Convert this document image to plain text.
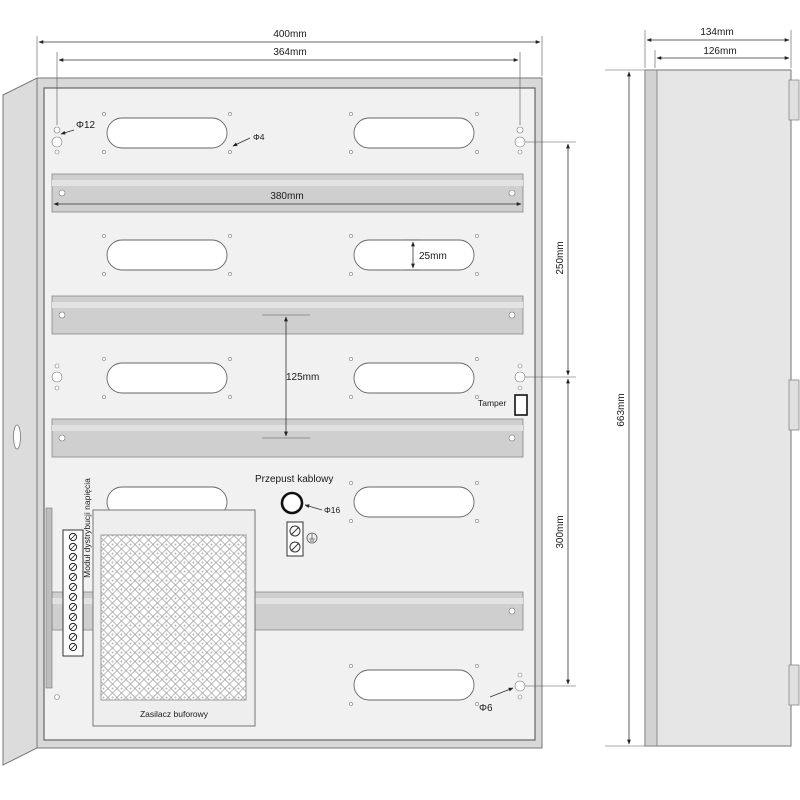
400mm
364mm
380mm
25mm
125mm
250mm
300mm
663mm
134mm
126mm
Φ12
Φ4
Φ6
Φ16
Tamper
Przepust kablowy
Moduł dystrybucji napięcia
Zasilacz buforowy
